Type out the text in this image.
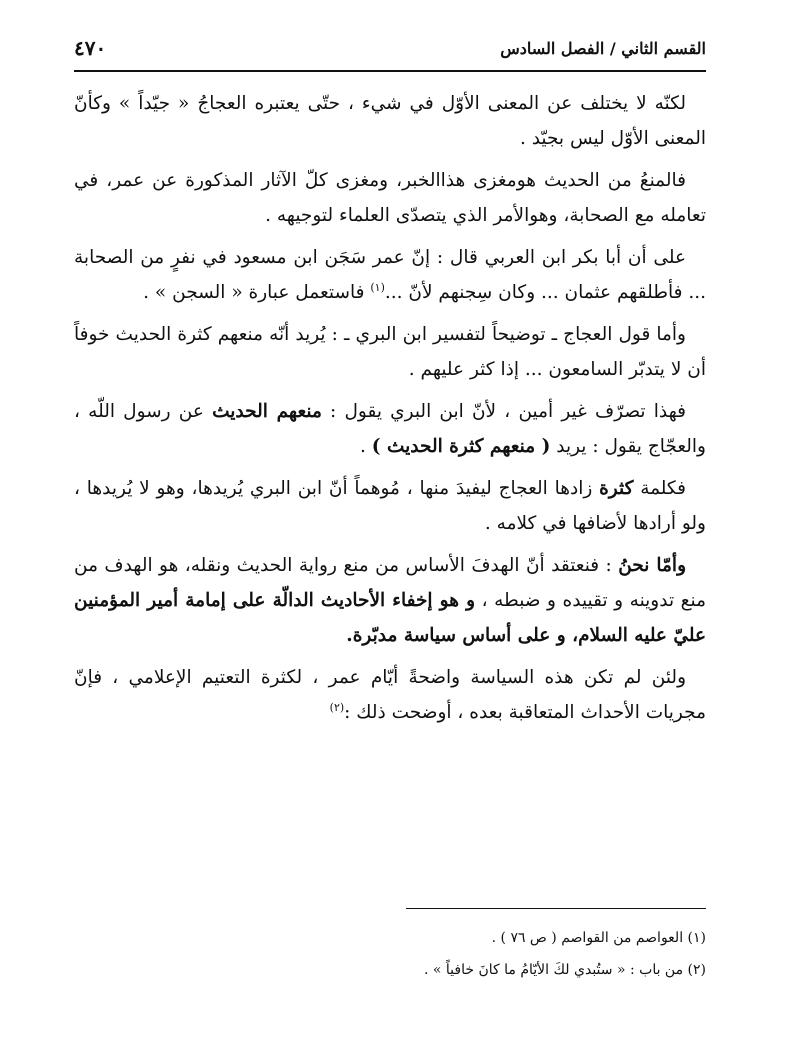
القسم الثاني / الفصل السادس
٤٧٠

لكنّه لا يختلف عن المعنى الأوّل في شيء ، حتّى يعتبره العجاجُ « جيّداً » وكأنّ المعنى الأوّل ليس بجيّد .

فالمنعُ من الحديث هومغزى هذاالخبر، ومغزى كلّ الآثار المذكورة عن عمر، في تعامله مع الصحابة، وهوالأمر الذي يتصدّى العلماء لتوجيهه .

على أن أبا بكر ابن العربي قال : إنّ عمر سَجَن ابن مسعود في نفرٍ من الصحابة ... فأطلقهم عثمان ... وكان سِجنهم لأنّ ...$^{(١)}$ فاستعمل عبارة « السجن » .

وأما قول العجاج ـ توضيحاً لتفسير ابن البري ـ : يُريد أنّه منعهم كثرة الحديث خوفاً أن لا يتدبّر السامعون ... إذا كثر عليهم .

فهذا تصرّف غير أمين ، لأنّ ابن البري يقول : منعهم الحديث عن رسول اللّه ، والعجّاج يقول : يريد ( منعهم كثرة الحديث ) .

فكلمة كثرة زادها العجاج ليفيدَ منها ، مُوهماً أنّ ابن البري يُريدها، وهو لا يُريدها ، ولو أرادها لأضافها في كلامه .

وأمّا نحنُ : فنعتقد أنّ الهدفَ الأساس من منع رواية الحديث ونقله، هو الهدف من منع تدوينه و تقييده و ضبطه ، و هو إخفاء الأحاديث الدالّة على إمامة أمير المؤمنين عليّ عليه السلام، و على أساس سياسة مدبّرة.

ولئن لم تكن هذه السياسة واضحةً أيّام عمر ، لكثرة التعتيم الإعلامي ، فإنّ مجريات الأحداث المتعاقبة بعده ، أوضحت ذلك :$^{(٢)}$

(١) العواصم من القواصم ( ص ٧٦ ) .

(٢) من باب : « ستُبدي لكَ الأيّامُ ما كانَ خافياً » .
